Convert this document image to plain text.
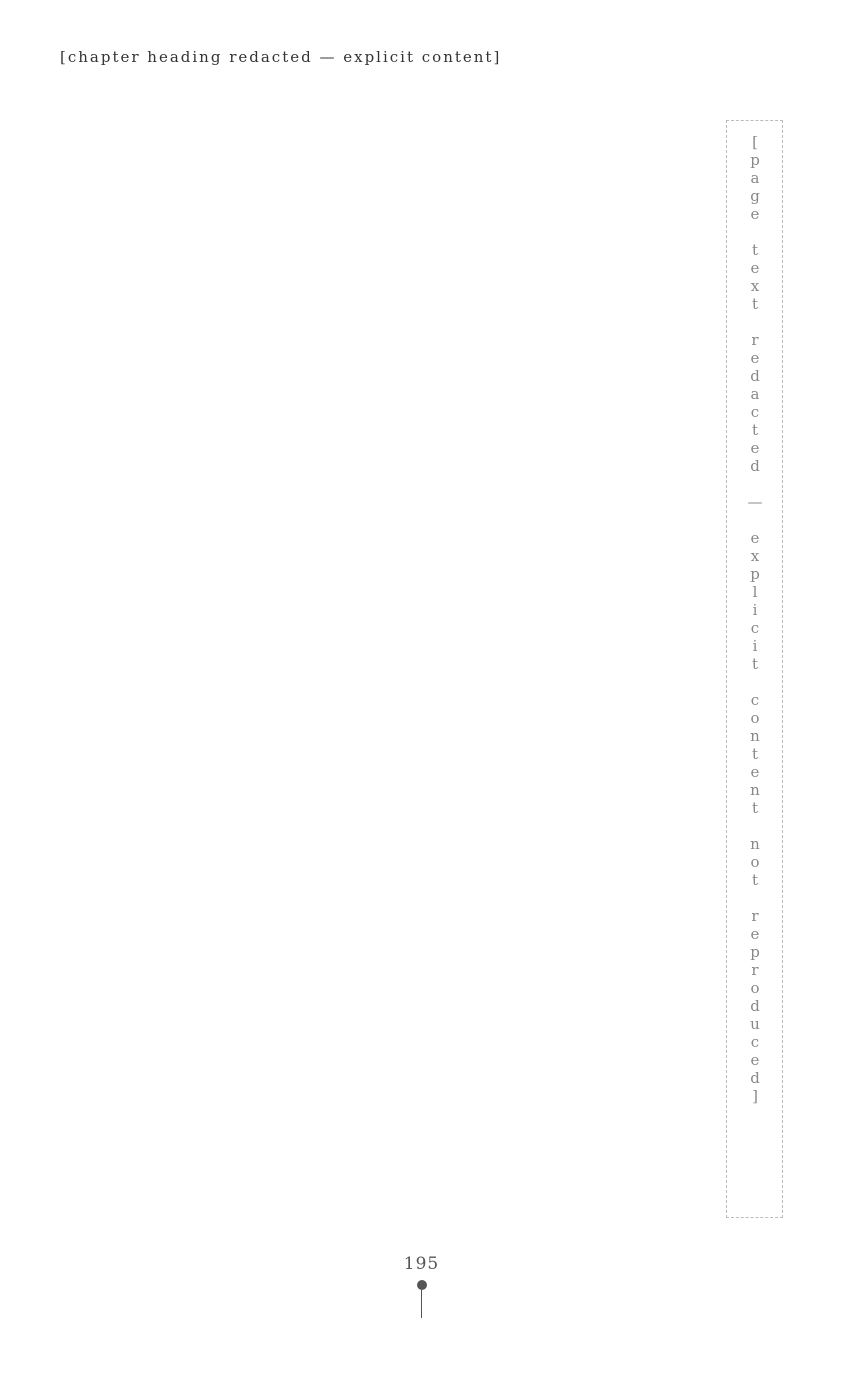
[chapter heading redacted — explicit content]
[page text redacted — explicit content not reproduced]
195
